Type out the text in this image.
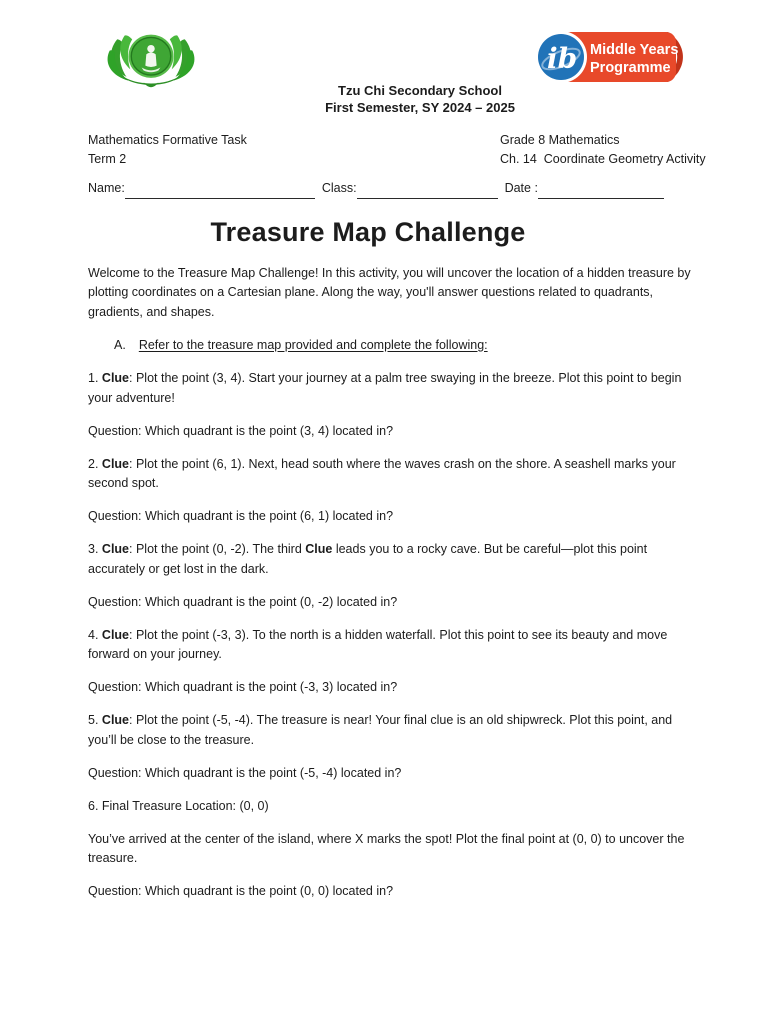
ib Middle Years
Programme
Tzu Chi Secondary School
First Semester, SY 2024 – 2025
Mathematics Formative Task
Term 2
Grade 8 Mathematics
Ch. 14  Coordinate Geometry Activity
Name:	Class:	Date :
Treasure Map Challenge

Welcome to the Treasure Map Challenge! In this activity, you will uncover the location of a hidden treasure by plotting coordinates on a Cartesian plane. Along the way, you'll answer questions related to quadrants, gradients, and shapes.

A. Refer to the treasure map provided and complete the following:

1. Clue: Plot the point (3, 4). Start your journey at a palm tree swaying in the breeze. Plot this point to begin your adventure!

Question: Which quadrant is the point (3, 4) located in?

2. Clue: Plot the point (6, 1). Next, head south where the waves crash on the shore. A seashell marks your second spot.

Question: Which quadrant is the point (6, 1) located in?

3. Clue: Plot the point (0, -2). The third Clue leads you to a rocky cave. But be careful—plot this point accurately or get lost in the dark.

Question: Which quadrant is the point (0, -2) located in?

4. Clue: Plot the point (-3, 3). To the north is a hidden waterfall. Plot this point to see its beauty and move forward on your journey.

Question: Which quadrant is the point (-3, 3) located in?

5. Clue: Plot the point (-5, -4). The treasure is near! Your final clue is an old shipwreck. Plot this point, and you’ll be close to the treasure.

Question: Which quadrant is the point (-5, -4) located in?

6. Final Treasure Location: (0, 0)

You’ve arrived at the center of the island, where X marks the spot! Plot the final point at (0, 0) to uncover the treasure.

Question: Which quadrant is the point (0, 0) located in?
